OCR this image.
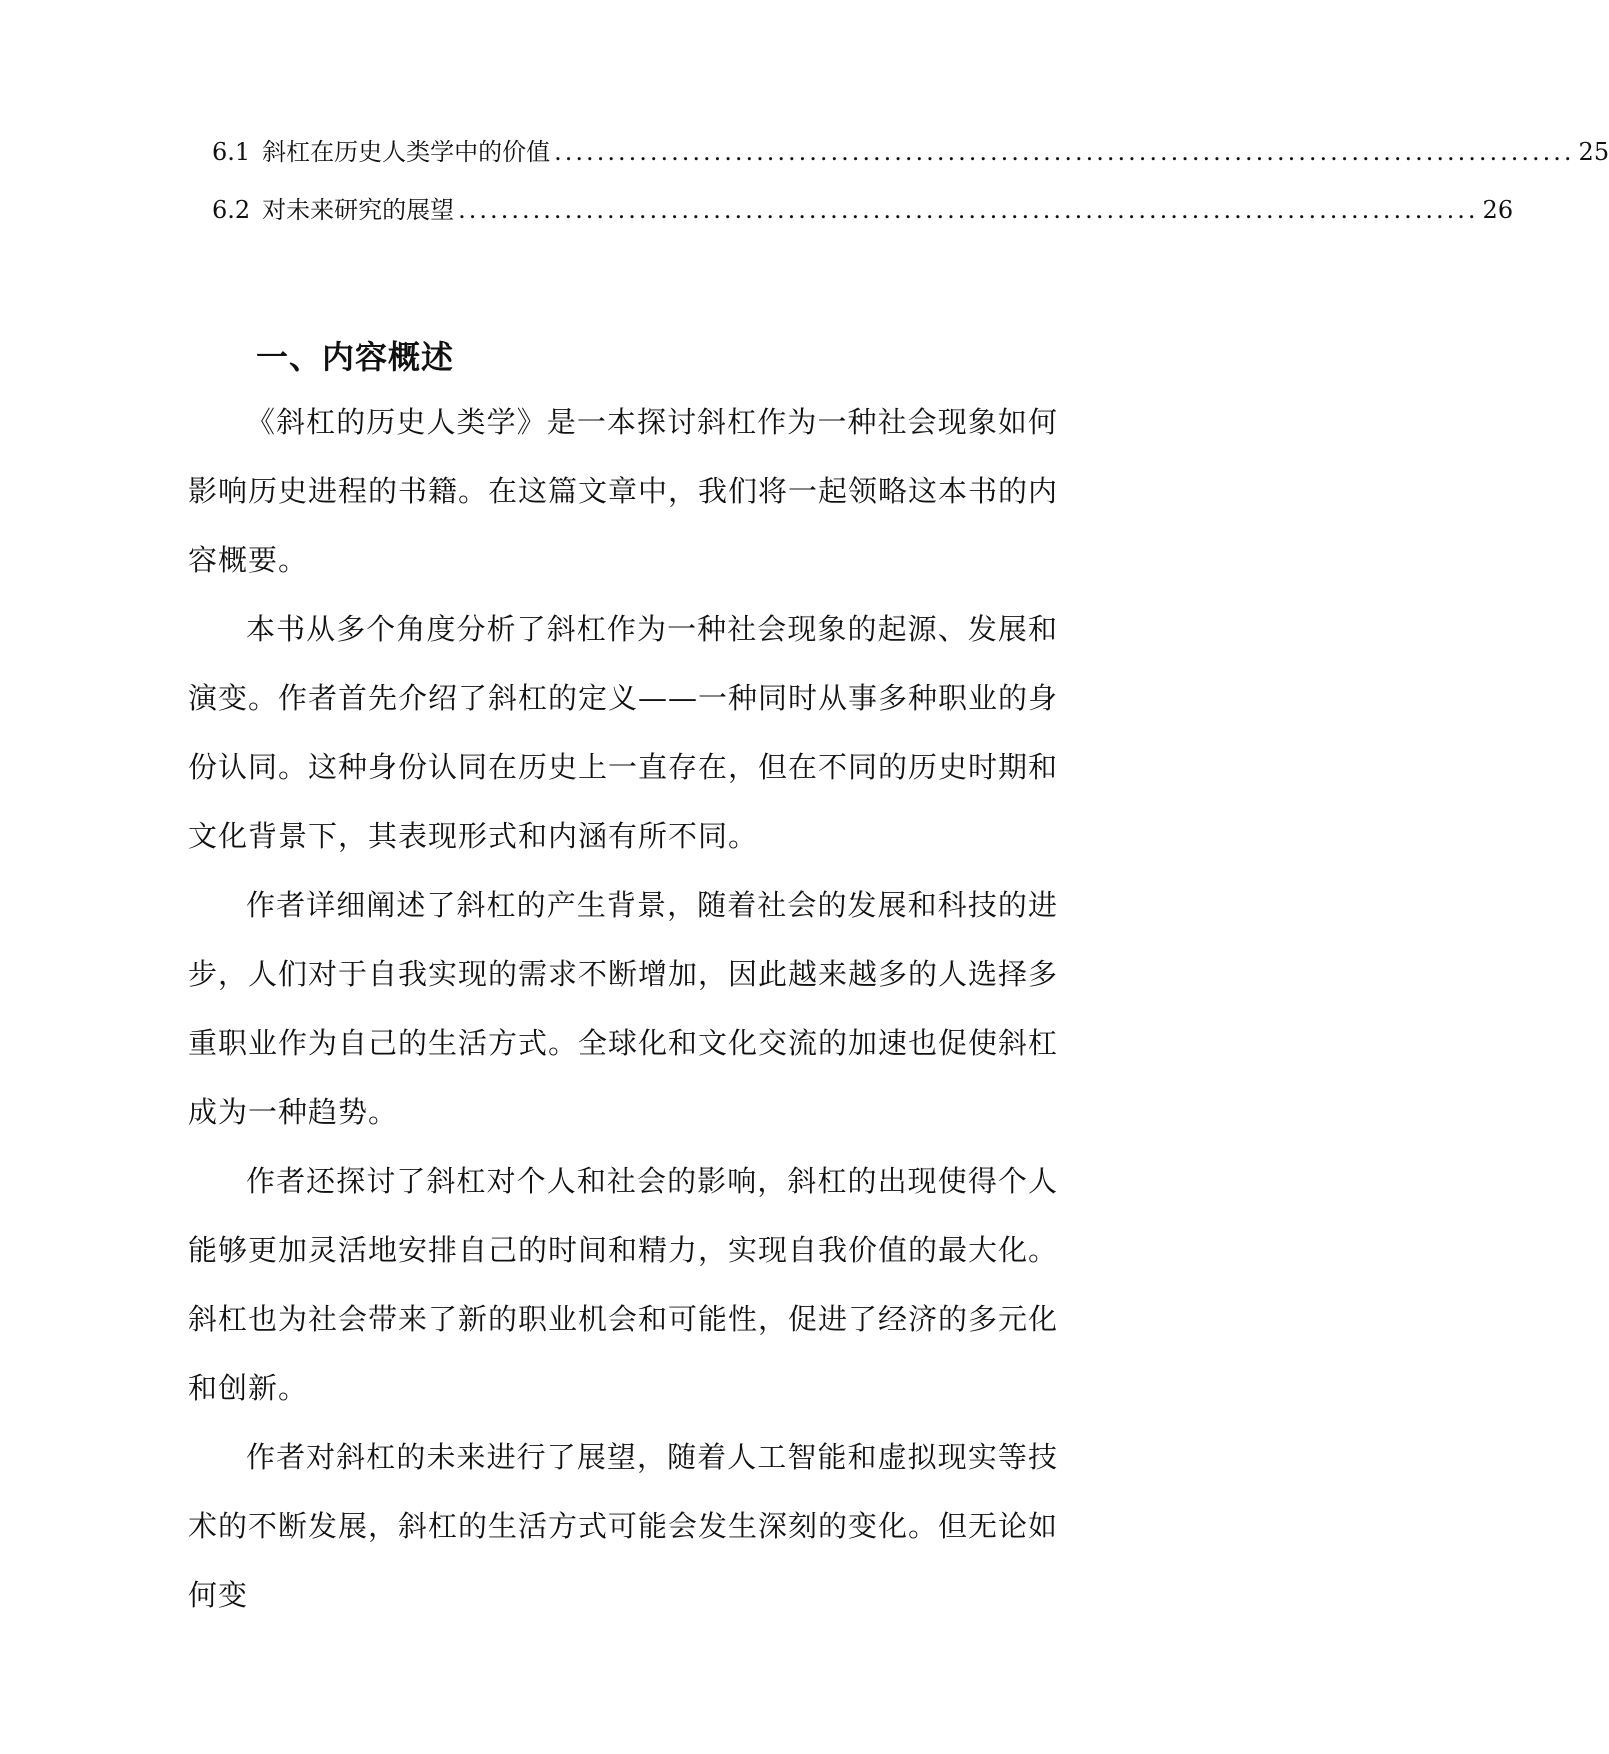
6.1 斜杠在历史人类学中的价值 ................................................................................................ 25
6.2 对未来研究的展望 ................................................................................................ 26
一、内容概述

《斜杠的历史人类学》是一本探讨斜杠作为一种社会现象如何影响历史进程的书籍。在这篇文章中，我们将一起领略这本书的内容概要。

本书从多个角度分析了斜杠作为一种社会现象的起源、发展和演变。作者首先介绍了斜杠的定义——一种同时从事多种职业的身份认同。这种身份认同在历史上一直存在，但在不同的历史时期和文化背景下，其表现形式和内涵有所不同。

作者详细阐述了斜杠的产生背景，随着社会的发展和科技的进步，人们对于自我实现的需求不断增加，因此越来越多的人选择多重职业作为自己的生活方式。全球化和文化交流的加速也促使斜杠成为一种趋势。

作者还探讨了斜杠对个人和社会的影响，斜杠的出现使得个人能够更加灵活地安排自己的时间和精力，实现自我价值的最大化。斜杠也为社会带来了新的职业机会和可能性，促进了经济的多元化和创新。

作者对斜杠的未来进行了展望，随着人工智能和虚拟现实等技术的不断发展，斜杠的生活方式可能会发生深刻的变化。但无论如何变
